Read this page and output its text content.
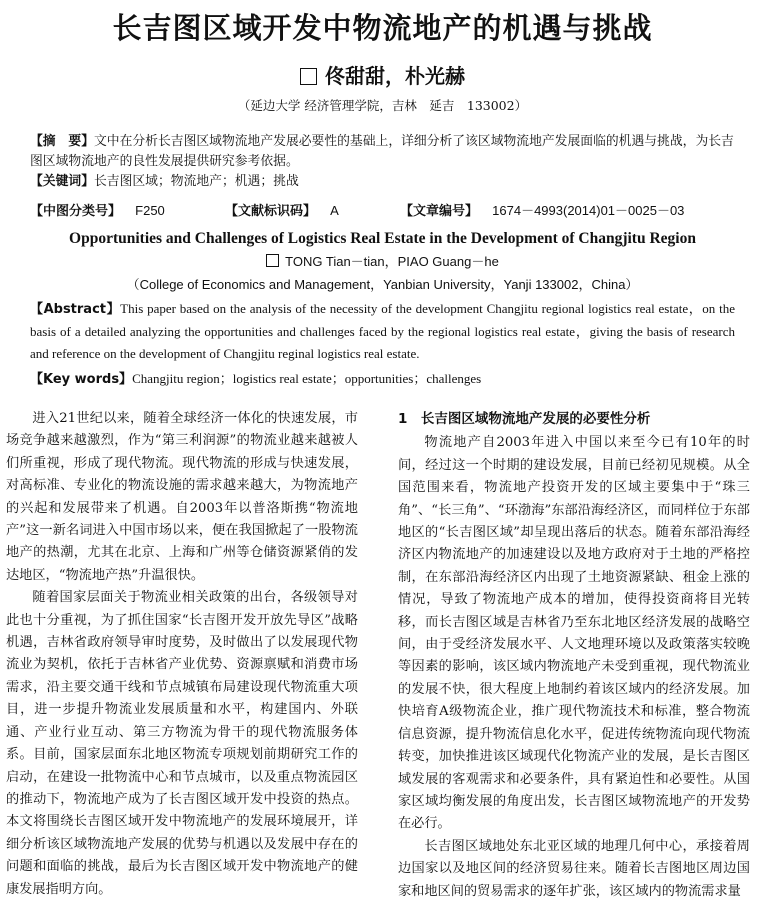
长吉图区域开发中物流地产的机遇与挑战
佟甜甜，朴光赫
（延边大学 经济管理学院，吉林　延吉　133002）
【摘　要】文中在分析长吉图区域物流地产发展必要性的基础上，详细分析了该区域物流地产发展面临的机遇与挑战，为长吉图区域物流地产的良性发展提供研究参考依据。
【关键词】长吉图区域；物流地产；机遇；挑战
【中图分类号】 F250	【文献标识码】 A	【文章编号】 1674－4993(2014)01－0025－03
Opportunities and Challenges of Logistics Real Estate in the Development of Changjitu Region
TONG Tian－tian，PIAO Guang－he
（College of Economics and Management，Yanbian University，Yanji 133002，China）
【Abstract】This paper based on the analysis of the necessity of the development Changjitu regional logistics real estate，on the basis of a detailed analyzing the opportunities and challenges faced by the regional logistics real estate，giving the basis of research and reference on the development of Changjitu reginal logistics real estate.
【Key words】Changjitu region；logistics real estate；opportunities；challenges

进入21世纪以来，随着全球经济一体化的快速发展，市场竞争越来越激烈，作为“第三利润源”的物流业越来越被人们所重视，形成了现代物流。现代物流的形成与快速发展，对高标准、专业化的物流设施的需求越来越大，为物流地产的兴起和发展带来了机遇。自2003年以普洛斯携“物流地产”这一新名词进入中国市场以来，便在我国掀起了一股物流地产的热潮，尤其在北京、上海和广州等仓储资源紧俏的发达地区，“物流地产热”升温很快。

随着国家层面关于物流业相关政策的出台，各级领导对此也十分重视，为了抓住国家“长吉图开发开放先导区”战略机遇，吉林省政府领导审时度势，及时做出了以发展现代物流业为契机，依托于吉林省产业优势、资源禀赋和消费市场需求，沿主要交通干线和节点城镇布局建设现代物流重大项目，进一步提升物流业发展质量和水平，构建国内、外联通、产业行业互动、第三方物流为骨干的现代物流服务体系。目前，国家层面东北地区物流专项规划前期研究工作的启动，在建设一批物流中心和节点城市，以及重点物流园区的推动下，物流地产成为了长吉图区域开发中投资的热点。本文将围绕长吉图区域开发中物流地产的发展环境展开，详细分析该区域物流地产发展的优势与机遇以及发展中存在的问题和面临的挑战，最后为长吉图区域开发中物流地产的健康发展指明方向。

1　长吉图区域物流地产发展的必要性分析

物流地产自2003年进入中国以来至今已有10年的时间，经过这一个时期的建设发展，目前已经初见规模。从全国范围来看，物流地产投资开发的区域主要集中于“珠三角”、“长三角”、“环渤海”东部沿海经济区，而同样位于东部地区的“长吉图区域”却呈现出落后的状态。随着东部沿海经济区内物流地产的加速建设以及地方政府对于土地的严格控制，在东部沿海经济区内出现了土地资源紧缺、租金上涨的情况，导致了物流地产成本的增加，使得投资商将目光转移，而长吉图区域是吉林省乃至东北地区经济发展的战略空间，由于受经济发展水平、人文地理环境以及政策落实较晚等因素的影响，该区域内物流地产未受到重视，现代物流业的发展不快，很大程度上地制约着该区域内的经济发展。加快培育A级物流企业，推广现代物流技术和标准，整合物流信息资源，提升物流信息化水平，促进传统物流向现代物流转变，加快推进该区域现代化物流产业的发展，是长吉图区域发展的客观需求和必要条件，具有紧迫性和必要性。从国家区域均衡发展的角度出发，长吉图区域物流地产的开发势在必行。

长吉图区域地处东北亚区域的地理几何中心，承接着周边国家以及地区间的经济贸易往来。随着长吉图地区周边国家和地区间的贸易需求的逐年扩张，该区域内的物流需求量
